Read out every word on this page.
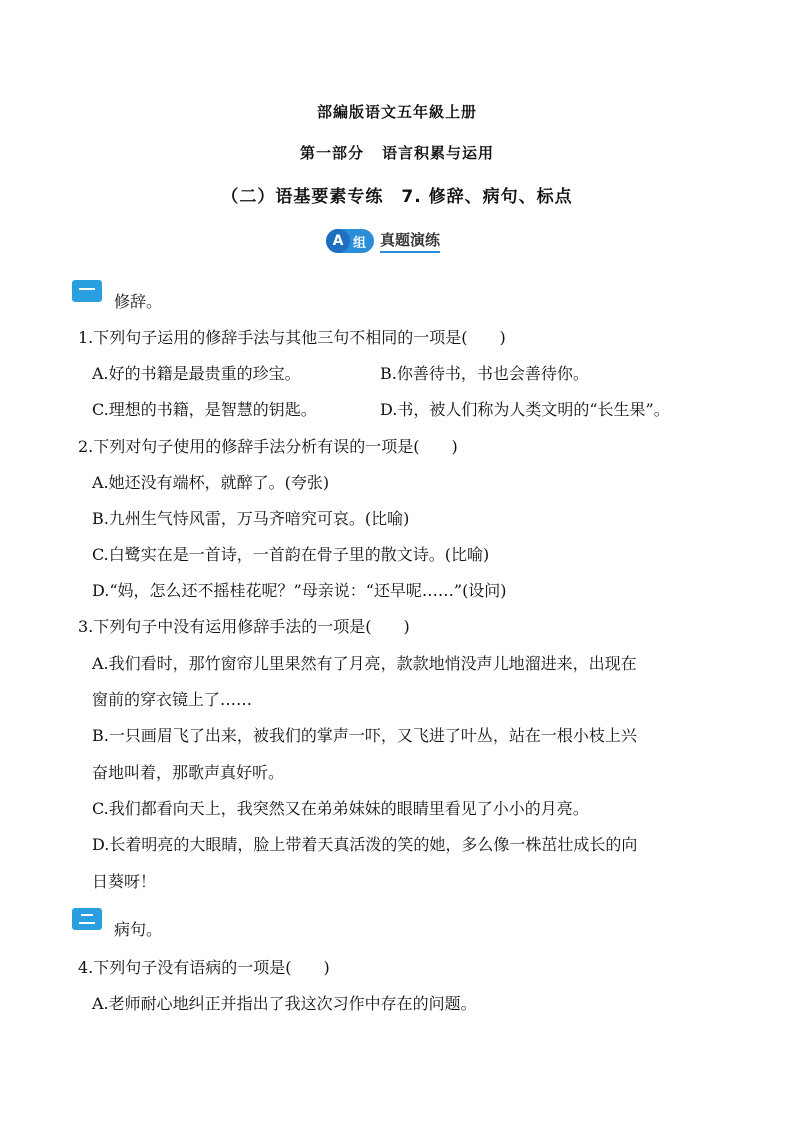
部編版语文五年級上册
第一部分 语言积累与运用
（二）语基要素专练　7. 修辞、病句、标点
A 组 真题演练
修辞。
1.下列句子运用的修辞手法与其他三句不相同的一项是(　　)
A.好的书籍是最贵重的珍宝。	B.你善待书，书也会善待你。
C.理想的书籍，是智慧的钥匙。	D.书，被人们称为人类文明的“长生果”。
2.下列对句子使用的修辞手法分析有误的一项是(　　)
A.她还没有端杯，就醉了。(夸张)
B.九州生气恃风雷，万马齐喑究可哀。(比喻)
C.白鹭实在是一首诗，一首韵在骨子里的散文诗。(比喻)
D.“妈，怎么还不摇桂花呢？”母亲说：“还早呢……”(设问)
3.下列句子中没有运用修辞手法的一项是(　　)
A.我们看时，那竹窗帘儿里果然有了月亮，款款地悄没声儿地溜进来，出现在
窗前的穿衣镜上了……
B.一只画眉飞了出来，被我们的掌声一吓，又飞进了叶丛，站在一根小枝上兴
奋地叫着，那歌声真好听。
C.我们都看向天上，我突然又在弟弟妹妹的眼睛里看见了小小的月亮。
D.长着明亮的大眼睛，脸上带着天真活泼的笑的她，多么像一株茁壮成长的向
日葵呀！
病句。
4.下列句子没有语病的一项是(　　)
A.老师耐心地纠正并指出了我这次习作中存在的问题。
